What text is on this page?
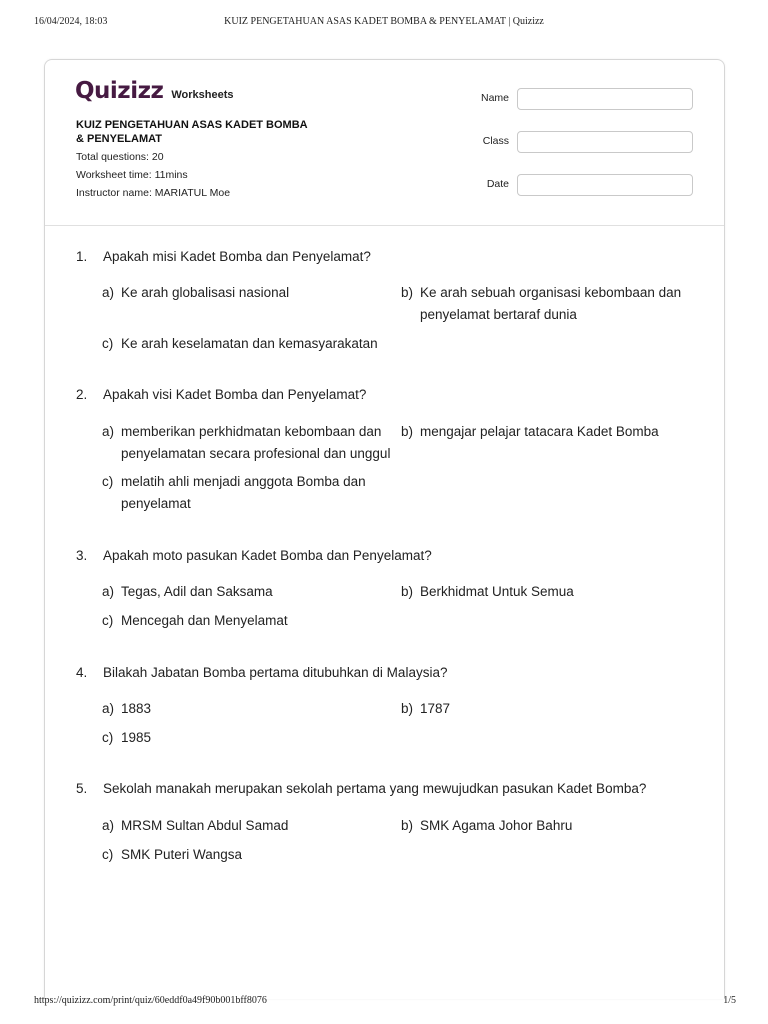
16/04/2024, 18:03	KUIZ PENGETAHUAN ASAS KADET BOMBA & PENYELAMAT | Quizizz
Quizizz Worksheets
KUIZ PENGETAHUAN ASAS KADET BOMBA
& PENYELAMAT
Total questions: 20
Worksheet time: 11mins
Instructor name: MARIATUL Moe
Name
Class
Date
1. Apakah misi Kadet Bomba dan Penyelamat?
a) Ke arah globalisasi nasional	b) Ke arah sebuah organisasi kebombaan dan
penyelamat bertaraf dunia
c) Ke arah keselamatan dan kemasyarakatan
2. Apakah visi Kadet Bomba dan Penyelamat?
a) memberikan perkhidmatan kebombaan dan
penyelamatan secara profesional dan unggul
b) mengajar pelajar tatacara Kadet Bomba
c) melatih ahli menjadi anggota Bomba dan
penyelamat
3. Apakah moto pasukan Kadet Bomba dan Penyelamat?
a) Tegas, Adil dan Saksama	b) Berkhidmat Untuk Semua
c) Mencegah dan Menyelamat
4. Bilakah Jabatan Bomba pertama ditubuhkan di Malaysia?
a) 1883	b) 1787
c) 1985
5. Sekolah manakah merupakan sekolah pertama yang mewujudkan pasukan Kadet Bomba?
a) MRSM Sultan Abdul Samad	b) SMK Agama Johor Bahru
c) SMK Puteri Wangsa
https://quizizz.com/print/quiz/60eddf0a49f90b001bff8076	1/5
